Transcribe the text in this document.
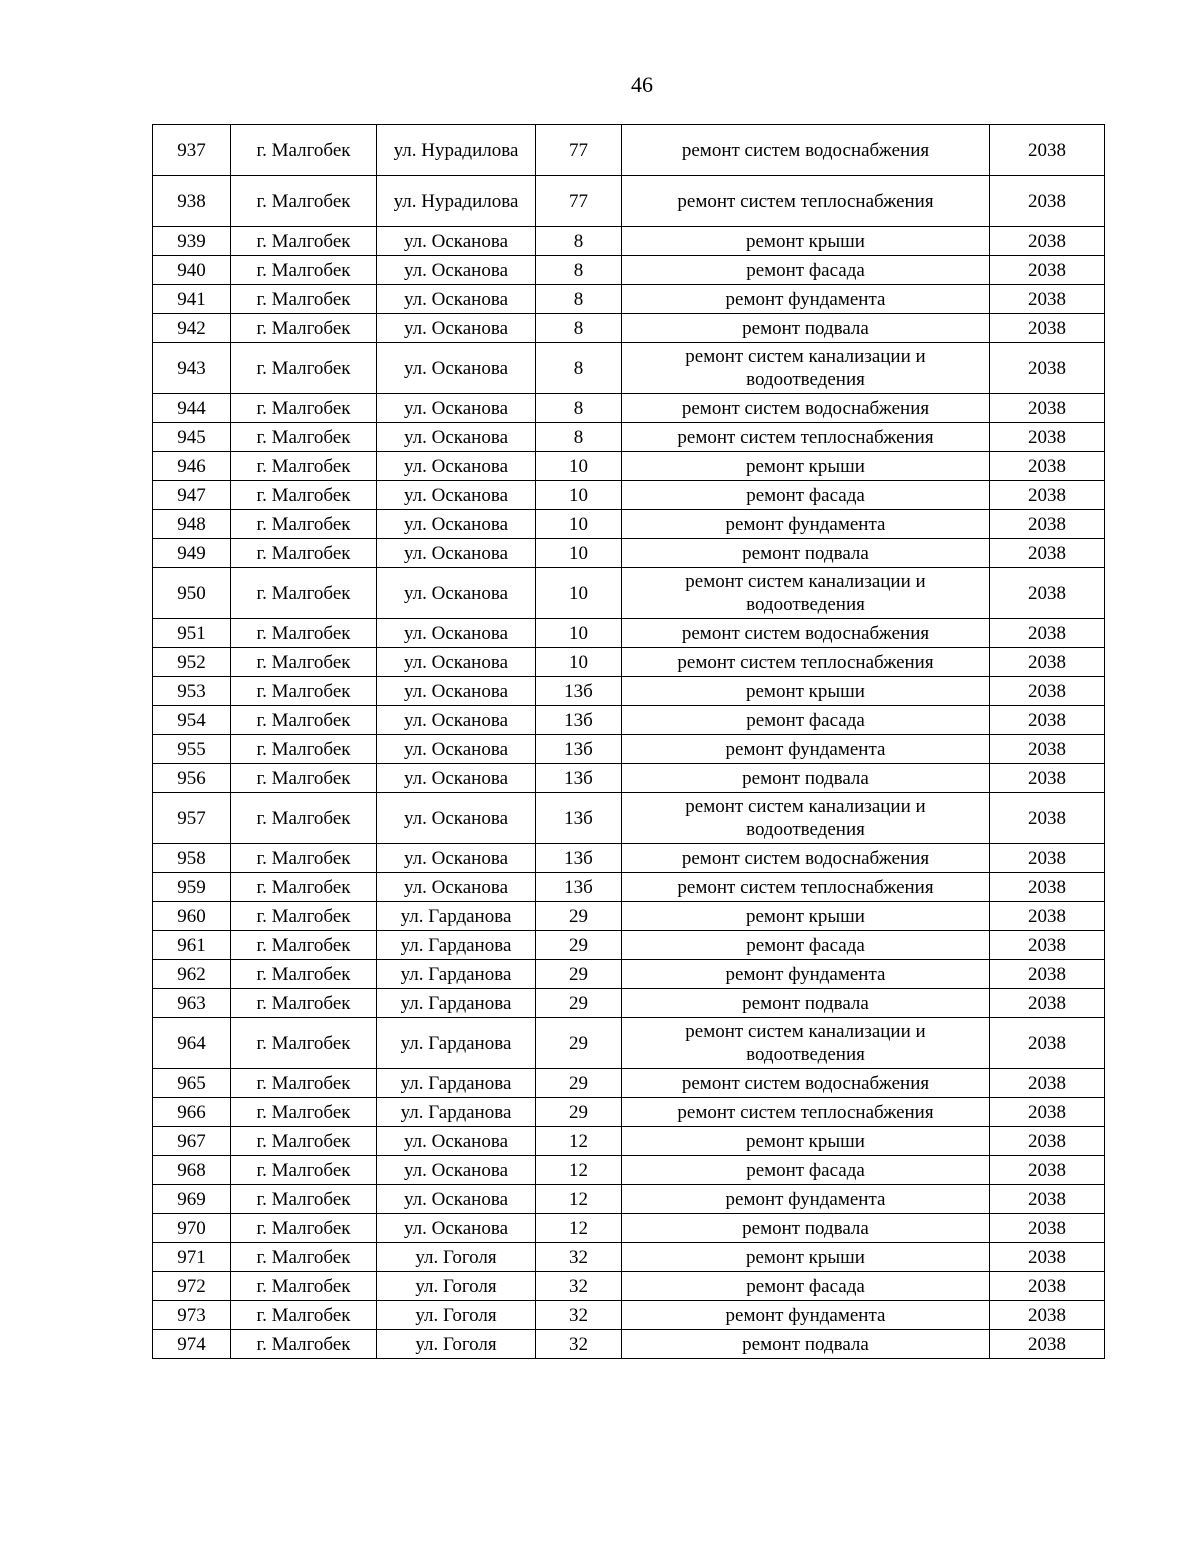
46
937	г. Малгобек	ул. Нурадилова	77	ремонт систем водоснабжения	2038
938	г. Малгобек	ул. Нурадилова	77	ремонт систем теплоснабжения	2038
939	г. Малгобек	ул. Осканова	8	ремонт крыши	2038
940	г. Малгобек	ул. Осканова	8	ремонт фасада	2038
941	г. Малгобек	ул. Осканова	8	ремонт фундамента	2038
942	г. Малгобек	ул. Осканова	8	ремонт подвала	2038
943	г. Малгобек	ул. Осканова	8	ремонт систем канализации и водоотведения	2038
944	г. Малгобек	ул. Осканова	8	ремонт систем водоснабжения	2038
945	г. Малгобек	ул. Осканова	8	ремонт систем теплоснабжения	2038
946	г. Малгобек	ул. Осканова	10	ремонт крыши	2038
947	г. Малгобек	ул. Осканова	10	ремонт фасада	2038
948	г. Малгобек	ул. Осканова	10	ремонт фундамента	2038
949	г. Малгобек	ул. Осканова	10	ремонт подвала	2038
950	г. Малгобек	ул. Осканова	10	ремонт систем канализации и водоотведения	2038
951	г. Малгобек	ул. Осканова	10	ремонт систем водоснабжения	2038
952	г. Малгобек	ул. Осканова	10	ремонт систем теплоснабжения	2038
953	г. Малгобек	ул. Осканова	13б	ремонт крыши	2038
954	г. Малгобек	ул. Осканова	13б	ремонт фасада	2038
955	г. Малгобек	ул. Осканова	13б	ремонт фундамента	2038
956	г. Малгобек	ул. Осканова	13б	ремонт подвала	2038
957	г. Малгобек	ул. Осканова	13б	ремонт систем канализации и водоотведения	2038
958	г. Малгобек	ул. Осканова	13б	ремонт систем водоснабжения	2038
959	г. Малгобек	ул. Осканова	13б	ремонт систем теплоснабжения	2038
960	г. Малгобек	ул. Гарданова	29	ремонт крыши	2038
961	г. Малгобек	ул. Гарданова	29	ремонт фасада	2038
962	г. Малгобек	ул. Гарданова	29	ремонт фундамента	2038
963	г. Малгобек	ул. Гарданова	29	ремонт подвала	2038
964	г. Малгобек	ул. Гарданова	29	ремонт систем канализации и водоотведения	2038
965	г. Малгобек	ул. Гарданова	29	ремонт систем водоснабжения	2038
966	г. Малгобек	ул. Гарданова	29	ремонт систем теплоснабжения	2038
967	г. Малгобек	ул. Осканова	12	ремонт крыши	2038
968	г. Малгобек	ул. Осканова	12	ремонт фасада	2038
969	г. Малгобек	ул. Осканова	12	ремонт фундамента	2038
970	г. Малгобек	ул. Осканова	12	ремонт подвала	2038
971	г. Малгобек	ул. Гоголя	32	ремонт крыши	2038
972	г. Малгобек	ул. Гоголя	32	ремонт фасада	2038
973	г. Малгобек	ул. Гоголя	32	ремонт фундамента	2038
974	г. Малгобек	ул. Гоголя	32	ремонт подвала	2038
